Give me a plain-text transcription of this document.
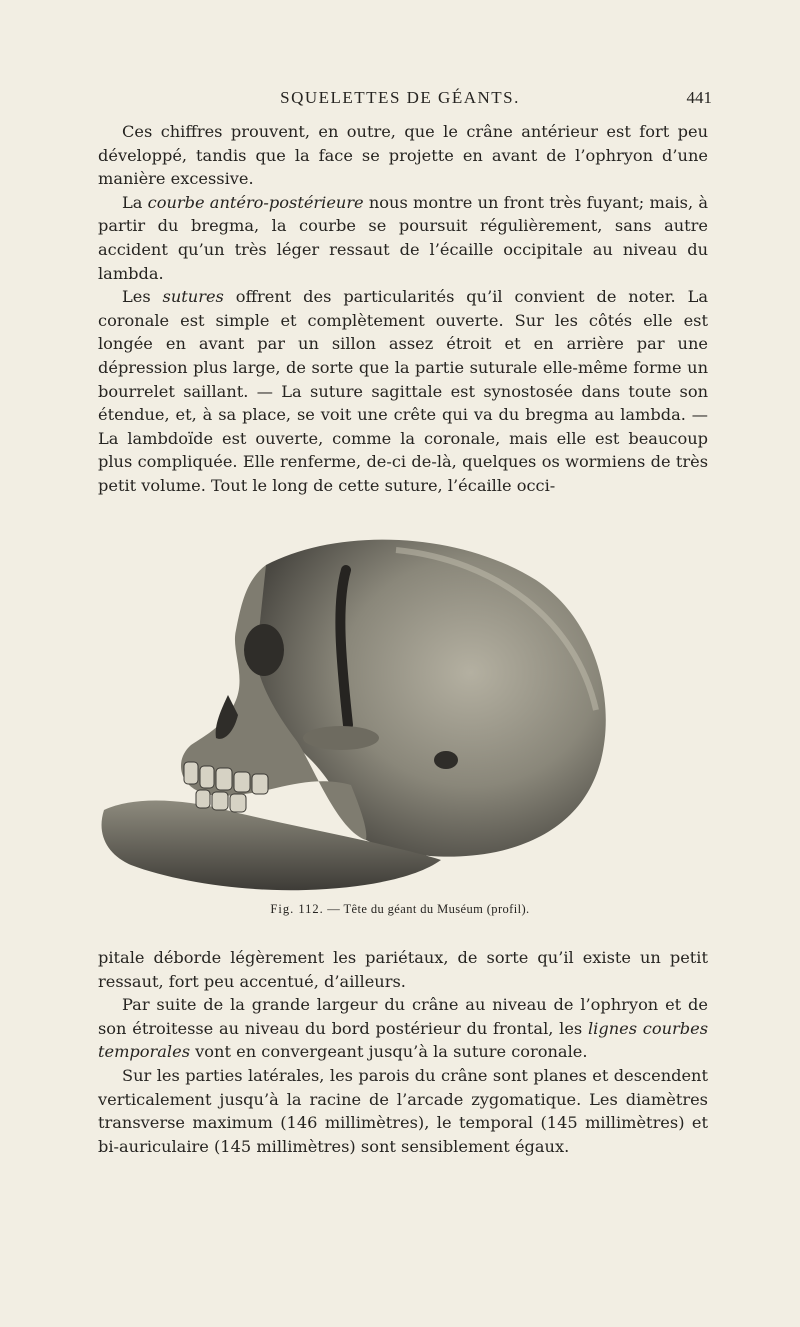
SQUELETTES DE GÉANTS.	441

Ces chiffres prouvent, en outre, que le crâne antérieur est fort peu développé, tandis que la face se projette en avant de l’ophryon d’une manière excessive.

La courbe antéro-postérieure nous montre un front très fuyant; mais, à partir du bregma, la courbe se poursuit régulièrement, sans autre accident qu’un très léger ressaut de l’écaille occipitale au niveau du lambda.

Les sutures offrent des particularités qu’il convient de noter. La coronale est simple et complètement ouverte. Sur les côtés elle est longée en avant par un sillon assez étroit et en arrière par une dépression plus large, de sorte que la partie suturale elle-même forme un bourrelet saillant. — La suture sagittale est synostosée dans toute son étendue, et, à sa place, se voit une crête qui va du bregma au lambda. — La lambdoïde est ouverte, comme la coronale, mais elle est beaucoup plus compliquée. Elle renferme, de-ci de-là, quelques os wormiens de très petit volume. Tout le long de cette suture, l’écaille occi-

Fig. 112. — Tête du géant du Muséum (profil).

pitale déborde légèrement les pariétaux, de sorte qu’il existe un petit ressaut, fort peu accentué, d’ailleurs.

Par suite de la grande largeur du crâne au niveau de l’ophryon et de son étroitesse au niveau du bord postérieur du frontal, les lignes courbes temporales vont en convergeant jusqu’à la suture coronale.

Sur les parties latérales, les parois du crâne sont planes et descendent verticalement jusqu’à la racine de l’arcade zygomatique. Les diamètres transverse maximum (146 millimètres), le temporal (145 millimètres) et bi-auriculaire (145 millimètres) sont sensiblement égaux.
